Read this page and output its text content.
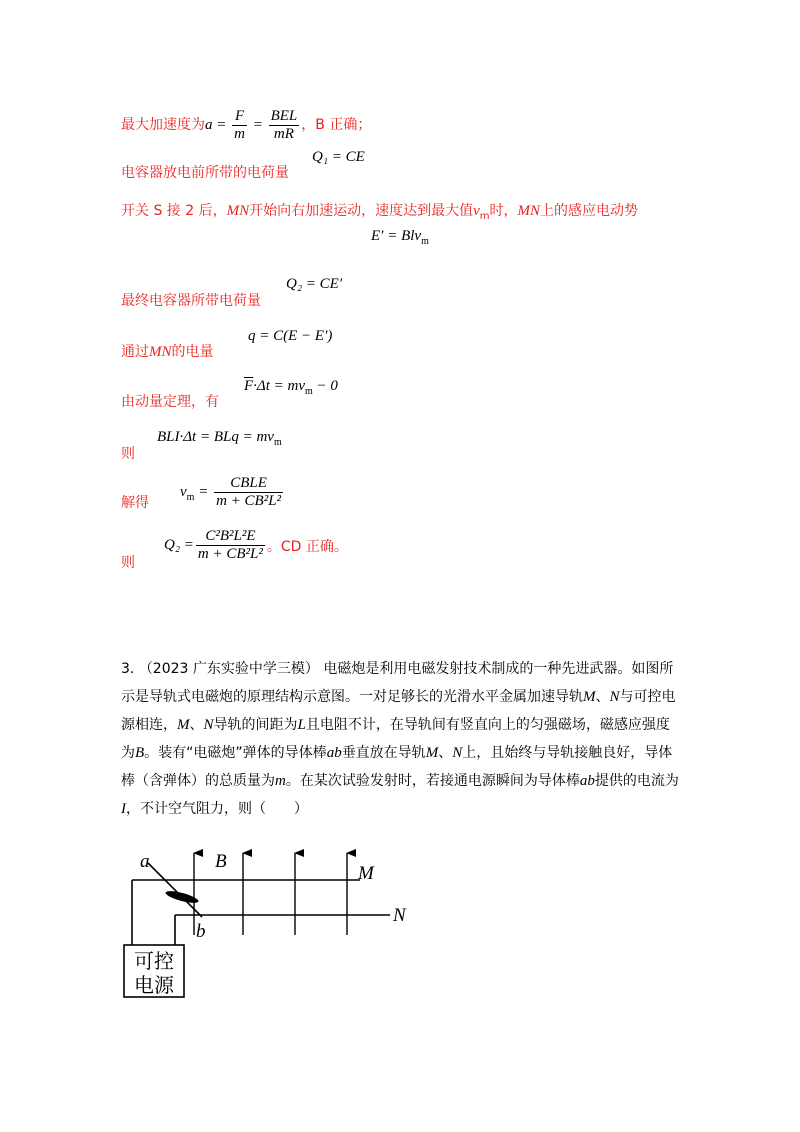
最大加速度为$a = \frac{F}{m} = \frac{\text{BEL}}{mR}$ ，B 正确；
电容器放电前所带的电荷量
Q₁ = CE
开关 S 接 2 后，MN开始向右加速运动，速度达到最大值$v_m$时，MN上的感应电动势
E′ = Blv$_m$
最终电容器所带电荷量
Q₂ = CE′
通过MN的电量
q = C(E − E′)
由动量定理，有
$\overline{F}\cdot\Delta t = mv_m - 0$
则
BLI·Δt = BLq = $mv_m$
解得
$v_m = \frac{\text{CBLE}}{\text{m + CB²L²}}$
则
$Q_2 = \frac{\text{C²B²L²E}}{\text{m + CB²L²}}$ 。CD 正确。
3. （2023 广东实验中学三模） 电磁炮是利用电磁发射技术制成的一种先进武器。如图所示是导轨式电磁炮的原理结构示意图。一对足够长的光滑水平金属加速导轨M、N与可控电源相连，M、N导轨的间距为L且电阻不计，在导轨间有竖直向上的匀强磁场，磁感应强度为B。装有“电磁炮”弹体的导体棒ab垂直放在导轨M、N上，且始终与导轨接触良好，导体棒（含弹体）的总质量为m。在某次试验发射时，若接通电源瞬间为导体棒ab提供的电流为I，不计空气阻力，则（　　）
a
b
B
M
N
可控
电源
